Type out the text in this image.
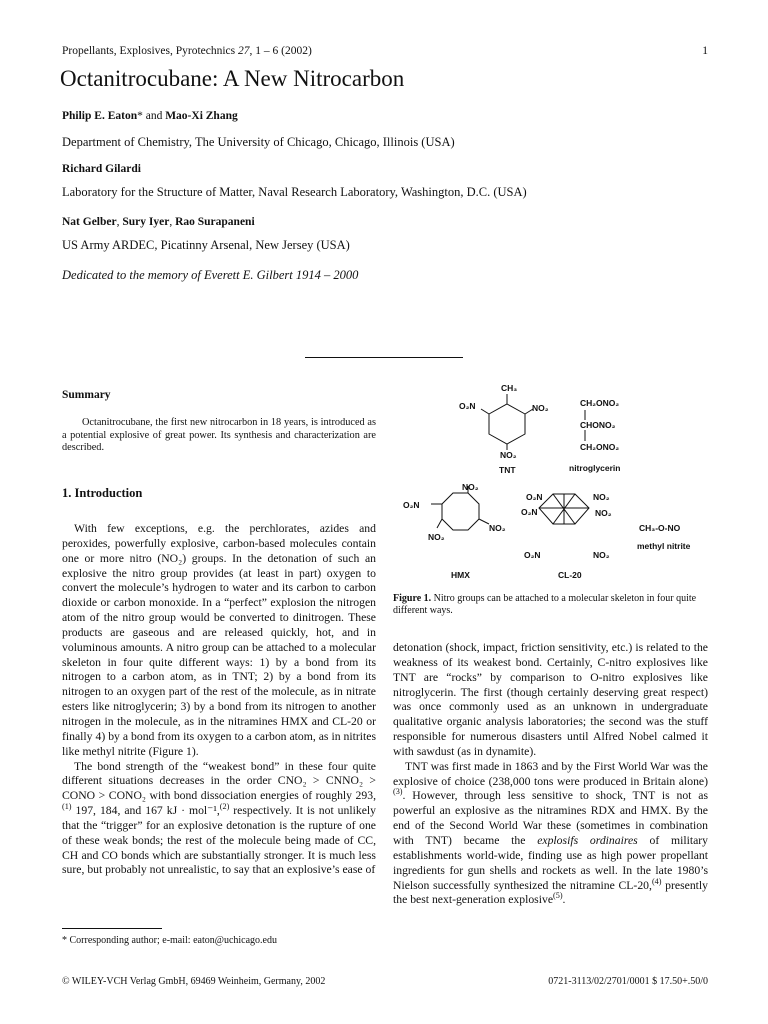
Propellants, Explosives, Pyrotechnics 27, 1 – 6 (2002)	1
Octanitrocubane: A New Nitrocarbon
Philip E. Eaton* and Mao-Xi Zhang
Department of Chemistry, The University of Chicago, Chicago, Illinois (USA)
Richard Gilardi
Laboratory for the Structure of Matter, Naval Research Laboratory, Washington, D.C. (USA)
Nat Gelber, Sury Iyer, Rao Surapaneni
US Army ARDEC, Picatinny Arsenal, New Jersey (USA)
Dedicated to the memory of Everett E. Gilbert 1914 – 2000
Summary
Octanitrocubane, the first new nitrocarbon in 18 years, is introduced as a potential explosive of great power. Its synthesis and characterization are described.
1. Introduction

With few exceptions, e.g. the perchlorates, azides and peroxides, powerfully explosive, carbon-based molecules contain one or more nitro (NO₂) groups. In the detonation of such an explosive the nitro group provides (at least in part) oxygen to convert the molecule’s hydrogen to water and its carbon to carbon dioxide or carbon monoxide. In a “perfect” explosion the nitrogen atom of the nitro group would be converted to dinitrogen. These products are gaseous and are released quickly, hot, and in voluminous amounts. A nitro group can be attached to a molecular skeleton in four quite different ways: 1) by a bond from its nitrogen to a carbon atom, as in TNT; 2) by a bond from its nitrogen to an oxygen part of the rest of the molecule, as in nitrate esters like nitroglycerin; 3) by a bond from its nitrogen to another nitrogen in the molecule, as in the nitramines HMX and CL-20 or finally 4) by a bond from its oxygen to a carbon atom, as in nitrites like methyl nitrite (Figure 1).

The bond strength of the “weakest bond” in these four quite different situations decreases in the order CNO₂ > CNNO₂ > CONO > CONO₂ with bond dissociation energies of roughly 293,$^{(1)}$ 197, 184, and 167 kJ · mol⁻¹,$^{(2)}$ respectively. It is not unlikely that the “trigger” for an explosive detonation is the rupture of one of these weak bonds; the rest of the molecule being made of CC, CH and CO bonds which are substantially stronger. It is much less sure, but probably not unrealistic, to say that an explosive’s ease of

CH₃
O₂N	NO₂
NO₂
TNT
CH₂ONO₂
CHONO₂
CH₂ONO₂
nitroglycerin
O₂N
NO₂
NO₂
NO₂
HMX
O₂N
O₂N
NO₂
NO₂
O₂N	NO₂
CL-20
CH₃-O-NO
methyl nitrite
Figure 1. Nitro groups can be attached to a molecular skeleton in four quite different ways.

detonation (shock, impact, friction sensitivity, etc.) is related to the weakness of its weakest bond. Certainly, C-nitro explosives like TNT are “rocks” by comparison to O-nitro explosives like nitroglycerin. The first (though certainly deserving great respect) was once commonly used as an unknown in undergraduate qualitative organic analysis laboratories; the second was the stuff responsible for numerous disasters until Alfred Nobel calmed it with sawdust (as in dynamite).

TNT was first made in 1863 and by the First World War was the explosive of choice (238,000 tons were produced in Britain alone)$^{(3)}$. However, through less sensitive to shock, TNT is not as powerful an explosive as the nitramines RDX and HMX. By the end of the Second World War these (sometimes in combination with TNT) became the explosifs ordinaires of military establishments world-wide, finding use as high power propellant ingredients for gun shells and rockets as well. In the late 1980’s Nielson successfully synthesized the nitramine CL-20,$^{(4)}$ presently the best next-generation explosive$^{(5)}$.

* Corresponding author; e-mail: eaton@uchicago.edu
© WILEY-VCH Verlag GmbH, 69469 Weinheim, Germany, 2002	0721-3113/02/2701/0001 $ 17.50+.50/0
